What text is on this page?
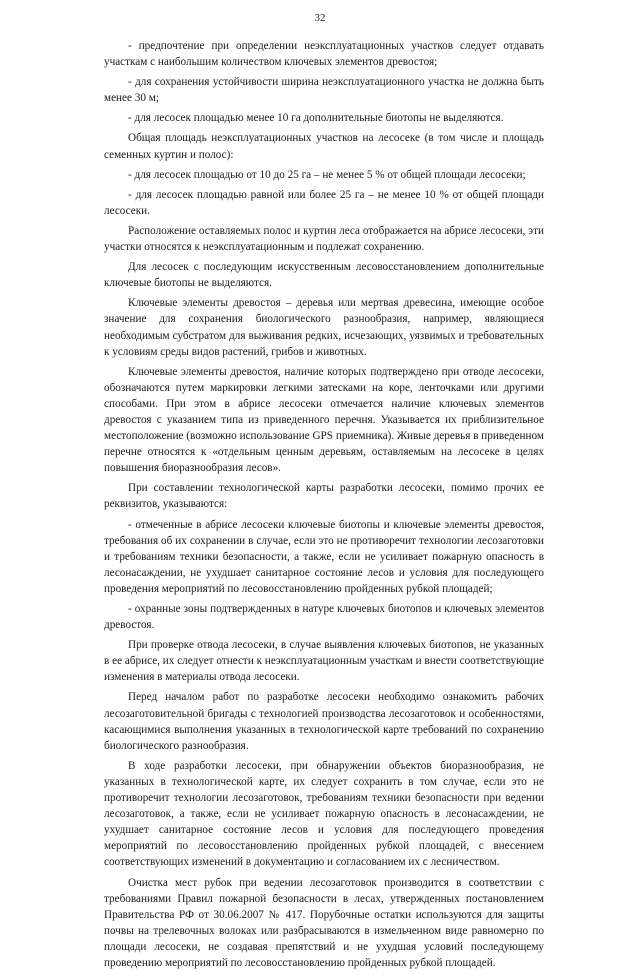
32

- предпочтение при определении неэксплуатационных участков следует отдавать участкам с наибольшим количеством ключевых элементов древостоя;

- для сохранения устойчивости ширина неэксплуатационного участка не должна быть менее 30 м;

- для лесосек площадью менее 10 га дополнительные биотопы не выделяются.

Общая площадь неэксплуатационных участков на лесосеке (в том числе и площадь семенных куртин и полос):

- для лесосек площадью от 10 до 25 га – не менее 5 % от общей площади лесосеки;

- для лесосек площадью равной или более 25 га – не менее 10 % от общей площади лесосеки.

Расположение оставляемых полос и куртин леса отображается на абрисе лесосеки, эти участки относятся к неэксплуатационным и подлежат сохранению.

Для лесосек с последующим искусственным лесовосстановлением дополнительные ключевые биотопы не выделяются.

Ключевые элементы древостоя – деревья или мертвая древесина, имеющие особое значение для сохранения биологического разнообразия, например, являющиеся необходимым субстратом для выживания редких, исчезающих, уязвимых и требовательных к условиям среды видов растений, грибов и животных.

Ключевые элементы древостоя, наличие которых подтверждено при отводе лесосеки, обозначаются путем маркировки легкими затесками на коре, ленточками или другими способами. При этом в абрисе лесосеки отмечается наличие ключевых элементов древостоя с указанием типа из приведенного перечня. Указывается их приблизительное местоположение (возможно использование GPS приемника). Живые деревья в приведенном перечне относятся к «отдельным ценным деревьям, оставляемым на лесосеке в целях повышения биоразнообразия лесов».

При составлении технологической карты разработки лесосеки, помимо прочих ее реквизитов, указываются:

- отмеченные в абрисе лесосеки ключевые биотопы и ключевые элементы древостоя, требования об их сохранении в случае, если это не противоречит технологии лесозаготовки и требованиям техники безопасности, а также, если не усиливает пожарную опасность в лесонасаждении, не ухудшает санитарное состояние лесов и условия для последующего проведения мероприятий по лесовосстановлению пройденных рубкой площадей;

- охранные зоны подтвержденных в натуре ключевых биотопов и ключевых элементов древостоя.

При проверке отвода лесосеки, в случае выявления ключевых биотопов, не указанных в ее абрисе, их следует отнести к неэксплуатационным участкам и внести соответствующие изменения в материалы отвода лесосеки.

Перед началом работ по разработке лесосеки необходимо ознакомить рабочих лесозаготовительной бригады с технологией производства лесозаготовок и особенностями, касающимися выполнения указанных в технологической карте требований по сохранению биологического разнообразия.

В ходе разработки лесосеки, при обнаружении объектов биоразнообразия, не указанных в технологической карте, их следует сохранить в том случае, если это не противоречит технологии лесозаготовок, требованиям техники безопасности при ведении лесозаготовок, а также, если не усиливает пожарную опасность в лесонасаждении, не ухудшает санитарное состояние лесов и условия для последующего проведения мероприятий по лесовосстановлению пройденных рубкой площадей, с внесением соответствующих изменений в документацию и согласованием их с лесничеством.

Очистка мест рубок при ведении лесозаготовок производится в соответствии с требованиями Правил пожарной безопасности в лесах, утвержденных постановлением Правительства РФ от 30.06.2007 № 417. Порубочные остатки используются для защиты почвы на трелевочных волоках или разбрасываются в измельченном виде равномерно по площади лесосеки, не создавая препятствий и не ухудшая условий последующему проведению мероприятий по лесовосстановлению пройденных рубкой площадей.
